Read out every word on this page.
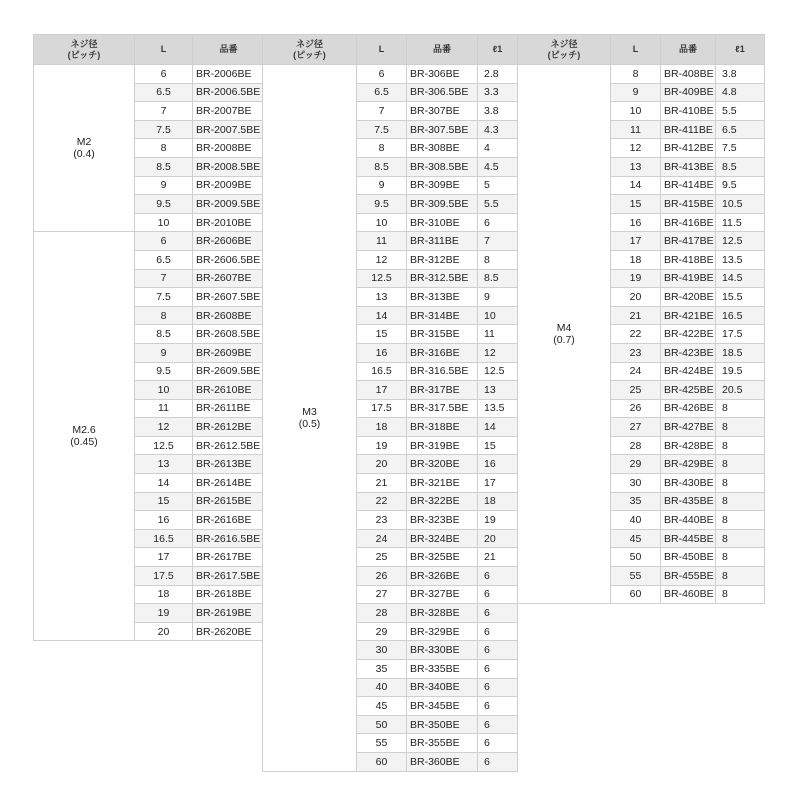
ネジ径
(ピッチ)	L	品番
M2
(0.4)	6	BR-2006BE
	6.5	BR-2006.5BE
	7	BR-2007BE
	7.5	BR-2007.5BE
	8	BR-2008BE
	8.5	BR-2008.5BE
	9	BR-2009BE
	9.5	BR-2009.5BE
	10	BR-2010BE
M2.6
(0.45)	6	BR-2606BE
	6.5	BR-2606.5BE
	7	BR-2607BE
	7.5	BR-2607.5BE
	8	BR-2608BE
	8.5	BR-2608.5BE
	9	BR-2609BE
	9.5	BR-2609.5BE
	10	BR-2610BE
	11	BR-2611BE
	12	BR-2612BE
	12.5	BR-2612.5BE
	13	BR-2613BE
	14	BR-2614BE
	15	BR-2615BE
	16	BR-2616BE
	16.5	BR-2616.5BE
	17	BR-2617BE
	17.5	BR-2617.5BE
	18	BR-2618BE
	19	BR-2619BE
	20	BR-2620BE
ネジ径
(ピッチ)	L	品番	ℓ1
M3
(0.5)	6	BR-306BE	2.8
	6.5	BR-306.5BE	3.3
	7	BR-307BE	3.8
	7.5	BR-307.5BE	4.3
	8	BR-308BE	4
	8.5	BR-308.5BE	4.5
	9	BR-309BE	5
	9.5	BR-309.5BE	5.5
	10	BR-310BE	6
	11	BR-311BE	7
	12	BR-312BE	8
	12.5	BR-312.5BE	8.5
	13	BR-313BE	9
	14	BR-314BE	10
	15	BR-315BE	11
	16	BR-316BE	12
	16.5	BR-316.5BE	12.5
	17	BR-317BE	13
	17.5	BR-317.5BE	13.5
	18	BR-318BE	14
	19	BR-319BE	15
	20	BR-320BE	16
	21	BR-321BE	17
	22	BR-322BE	18
	23	BR-323BE	19
	24	BR-324BE	20
	25	BR-325BE	21
	26	BR-326BE	6
	27	BR-327BE	6
	28	BR-328BE	6
	29	BR-329BE	6
	30	BR-330BE	6
	35	BR-335BE	6
	40	BR-340BE	6
	45	BR-345BE	6
	50	BR-350BE	6
	55	BR-355BE	6
	60	BR-360BE	6
ネジ径
(ピッチ)	L	品番	ℓ1
M4
(0.7)	8	BR-408BE	3.8
	9	BR-409BE	4.8
	10	BR-410BE	5.5
	11	BR-411BE	6.5
	12	BR-412BE	7.5
	13	BR-413BE	8.5
	14	BR-414BE	9.5
	15	BR-415BE	10.5
	16	BR-416BE	11.5
	17	BR-417BE	12.5
	18	BR-418BE	13.5
	19	BR-419BE	14.5
	20	BR-420BE	15.5
	21	BR-421BE	16.5
	22	BR-422BE	17.5
	23	BR-423BE	18.5
	24	BR-424BE	19.5
	25	BR-425BE	20.5
	26	BR-426BE	8
	27	BR-427BE	8
	28	BR-428BE	8
	29	BR-429BE	8
	30	BR-430BE	8
	35	BR-435BE	8
	40	BR-440BE	8
	45	BR-445BE	8
	50	BR-450BE	8
	55	BR-455BE	8
	60	BR-460BE	8
